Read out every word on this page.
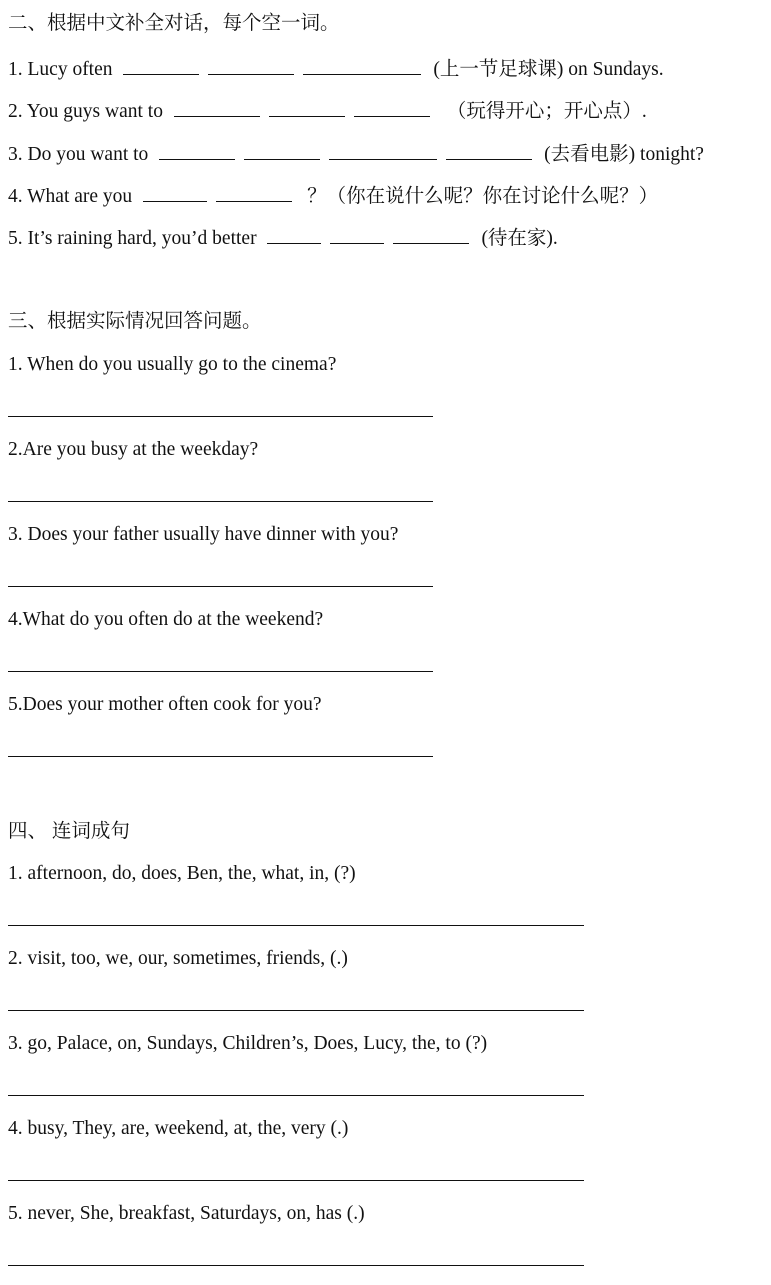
二、根据中文补全对话，每个空一词。
1. Lucy often	(上一节足球课) on Sundays.
2. You guys want to	（玩得开心；开心点）.
3. Do you want to	(去看电影) tonight?
4. What are you	？（你在说什么呢？你在讨论什么呢？）
5. It’s raining hard, you’d better	(待在家).
三、根据实际情况回答问题。
1. When do you usually go to the cinema?
2.Are you busy at the weekday?
3. Does your father usually have dinner with you?
4.What do you often do at the weekend?
5.Does your mother often cook for you?
四、 连词成句
1. afternoon, do, does, Ben, the, what, in, (?)
2. visit, too, we, our, sometimes, friends, (.)
3. go, Palace, on, Sundays, Children’s, Does, Lucy, the, to (?)
4. busy, They, are, weekend, at, the, very (.)
5. never, She, breakfast, Saturdays, on, has (.)
